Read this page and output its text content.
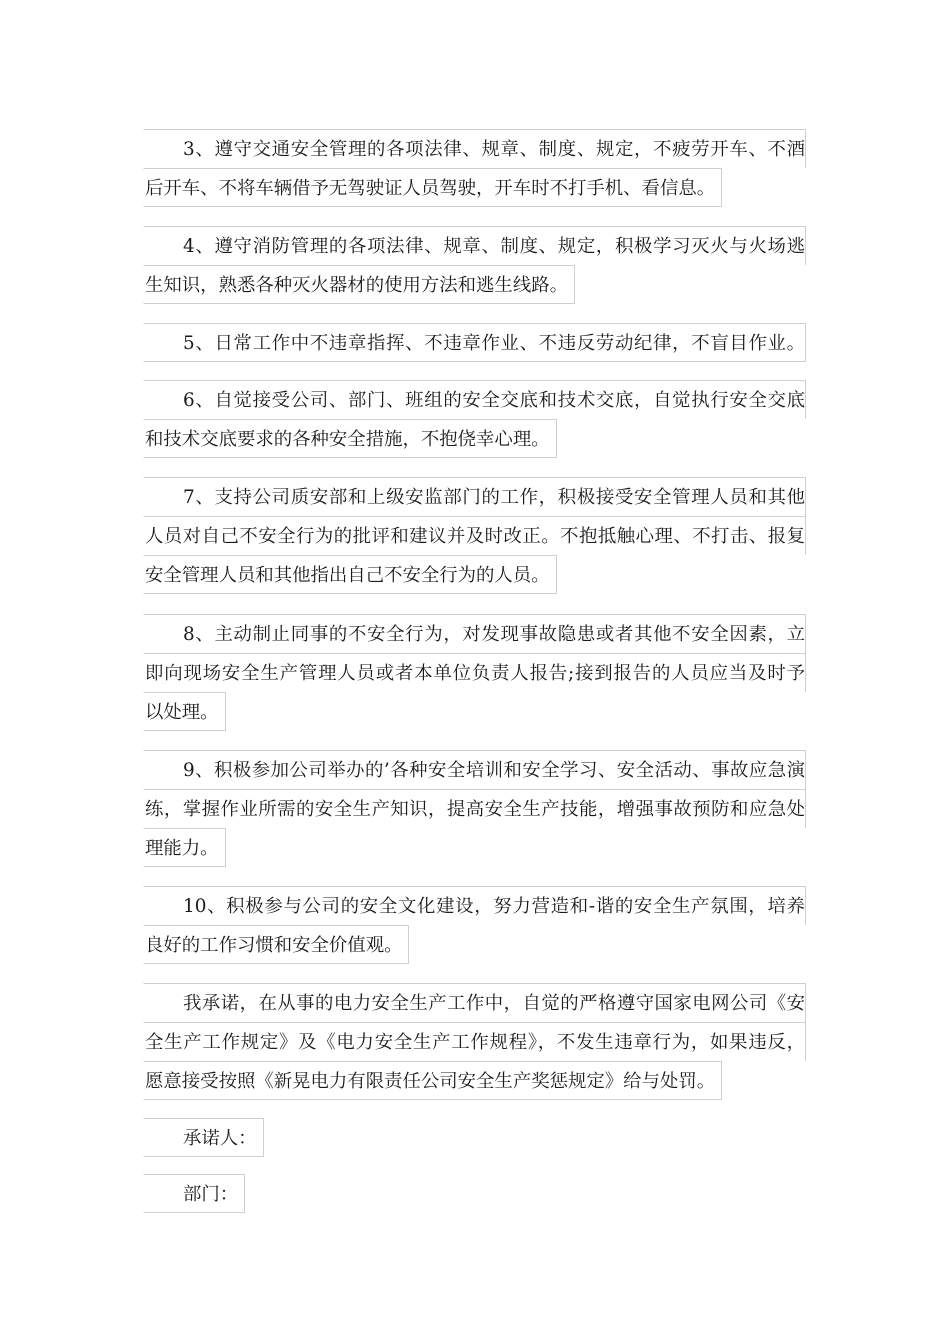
3、遵守交通安全管理的各项法律、规章、制度、规定，不疲劳开车、不酒
后开车、不将车辆借予无驾驶证人员驾驶，开车时不打手机、看信息。
4、遵守消防管理的各项法律、规章、制度、规定，积极学习灭火与火场逃
生知识，熟悉各种灭火器材的使用方法和逃生线路。
5、日常工作中不违章指挥、不违章作业、不违反劳动纪律，不盲目作业。
6、自觉接受公司、部门、班组的安全交底和技术交底，自觉执行安全交底
和技术交底要求的各种安全措施，不抱侥幸心理。
7、支持公司质安部和上级安监部门的工作，积极接受安全管理人员和其他
人员对自己不安全行为的批评和建议并及时改正。不抱抵触心理、不打击、报复
安全管理人员和其他指出自己不安全行为的人员。
8、主动制止同事的不安全行为，对发现事故隐患或者其他不安全因素，立
即向现场安全生产管理人员或者本单位负责人报告;接到报告的人员应当及时予
以处理。
9、积极参加公司举办的’各种安全培训和安全学习、安全活动、事故应急演
练，掌握作业所需的安全生产知识，提高安全生产技能，增强事故预防和应急处
理能力。
10、积极参与公司的安全文化建设，努力营造和-谐的安全生产氛围，培养
良好的工作习惯和安全价值观。
我承诺，在从事的电力安全生产工作中，自觉的严格遵守国家电网公司《安
全生产工作规定》及《电力安全生产工作规程》，不发生违章行为，如果违反，
愿意接受按照《新晃电力有限责任公司安全生产奖惩规定》给与处罚。
承诺人：
部门：
